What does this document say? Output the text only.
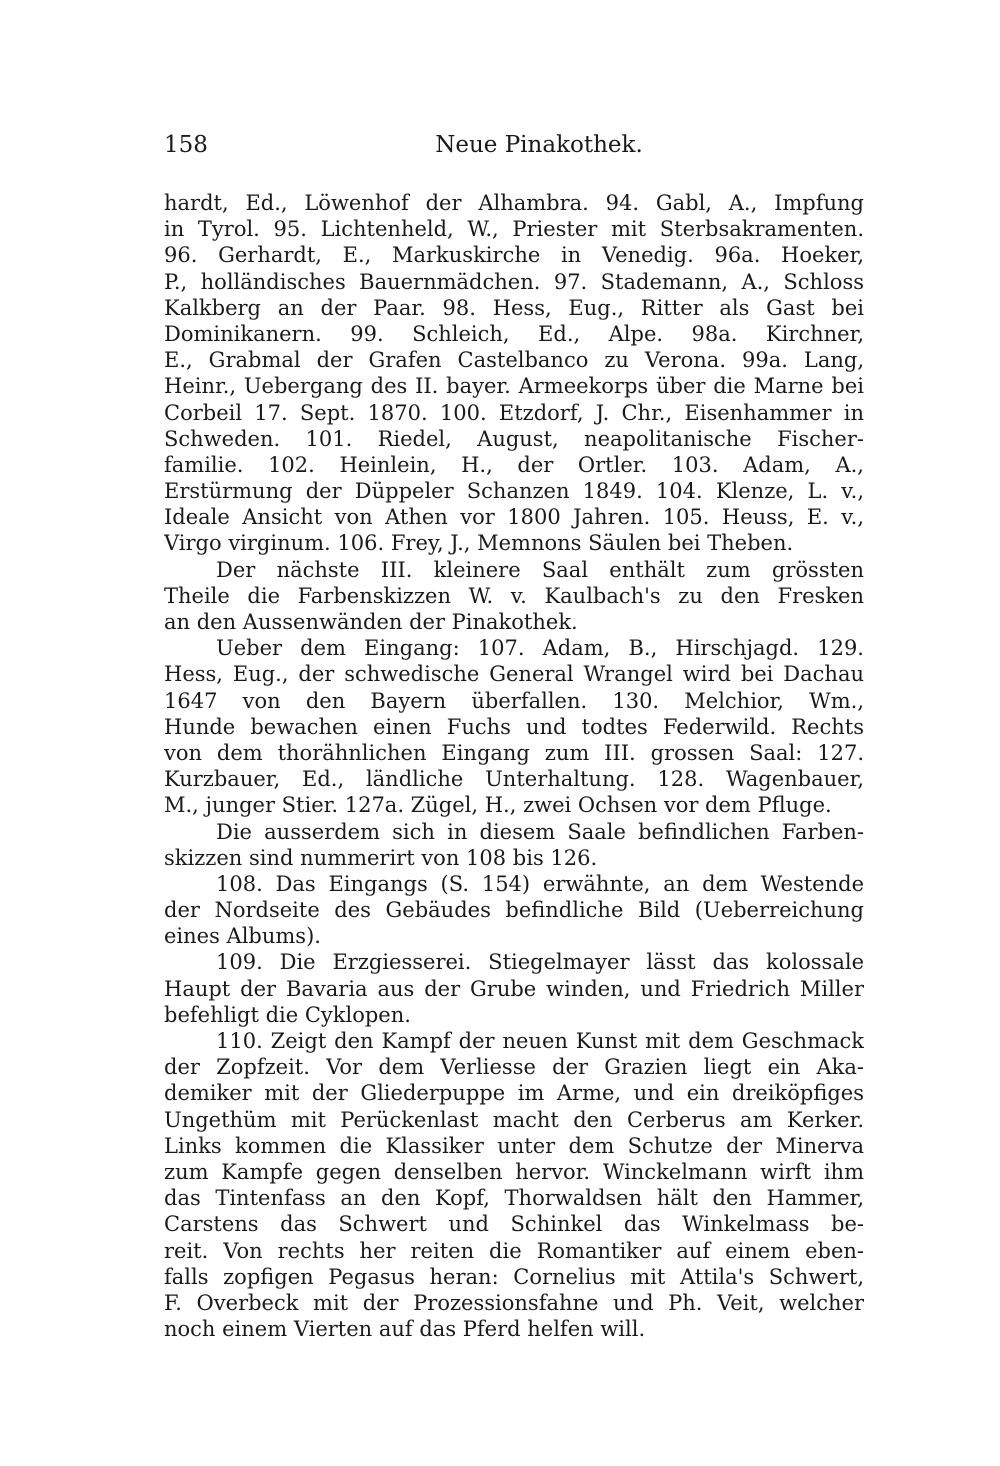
158	Neue Pinakothek.
hardt, Ed., Löwenhof der Alhambra. 94. Gabl, A., Impfung
in Tyrol. 95. Lichtenheld, W., Priester mit Sterbsakramenten.
96. Gerhardt, E., Markuskirche in Venedig. 96a. Hoeker,
P., holländisches Bauernmädchen. 97. Stademann, A., Schloss
Kalkberg an der Paar. 98. Hess, Eug., Ritter als Gast bei
Dominikanern. 99. Schleich, Ed., Alpe. 98a. Kirchner,
E., Grabmal der Grafen Castelbanco zu Verona. 99a. Lang,
Heinr., Uebergang des II. bayer. Armeekorps über die Marne bei
Corbeil 17. Sept. 1870. 100. Etzdorf, J. Chr., Eisenhammer in
Schweden. 101. Riedel, August, neapolitanische Fischer-
familie. 102. Heinlein, H., der Ortler. 103. Adam, A.,
Erstürmung der Düppeler Schanzen 1849. 104. Klenze, L. v.,
Ideale Ansicht von Athen vor 1800 Jahren. 105. Heuss, E. v.,
Virgo virginum. 106. Frey, J., Memnons Säulen bei Theben.
Der nächste III. kleinere Saal enthält zum grössten
Theile die Farbenskizzen W. v. Kaulbach's zu den Fresken
an den Aussenwänden der Pinakothek.
Ueber dem Eingang: 107. Adam, B., Hirschjagd. 129.
Hess, Eug., der schwedische General Wrangel wird bei Dachau
1647 von den Bayern überfallen. 130. Melchior, Wm.,
Hunde bewachen einen Fuchs und todtes Federwild. Rechts
von dem thorähnlichen Eingang zum III. grossen Saal: 127.
Kurzbauer, Ed., ländliche Unterhaltung. 128. Wagenbauer,
M., junger Stier. 127a. Zügel, H., zwei Ochsen vor dem Pfluge.
Die ausserdem sich in diesem Saale befindlichen Farben-
skizzen sind nummerirt von 108 bis 126.
108. Das Eingangs (S. 154) erwähnte, an dem Westende
der Nordseite des Gebäudes befindliche Bild (Ueberreichung
eines Albums).
109. Die Erzgiesserei. Stiegelmayer lässt das kolossale
Haupt der Bavaria aus der Grube winden, und Friedrich Miller
befehligt die Cyklopen.
110. Zeigt den Kampf der neuen Kunst mit dem Geschmack
der Zopfzeit. Vor dem Verliesse der Grazien liegt ein Aka-
demiker mit der Gliederpuppe im Arme, und ein dreiköpfiges
Ungethüm mit Perückenlast macht den Cerberus am Kerker.
Links kommen die Klassiker unter dem Schutze der Minerva
zum Kampfe gegen denselben hervor. Winckelmann wirft ihm
das Tintenfass an den Kopf, Thorwaldsen hält den Hammer,
Carstens das Schwert und Schinkel das Winkelmass be-
reit. Von rechts her reiten die Romantiker auf einem eben-
falls zopfigen Pegasus heran: Cornelius mit Attila's Schwert,
F. Overbeck mit der Prozessionsfahne und Ph. Veit, welcher
noch einem Vierten auf das Pferd helfen will.
